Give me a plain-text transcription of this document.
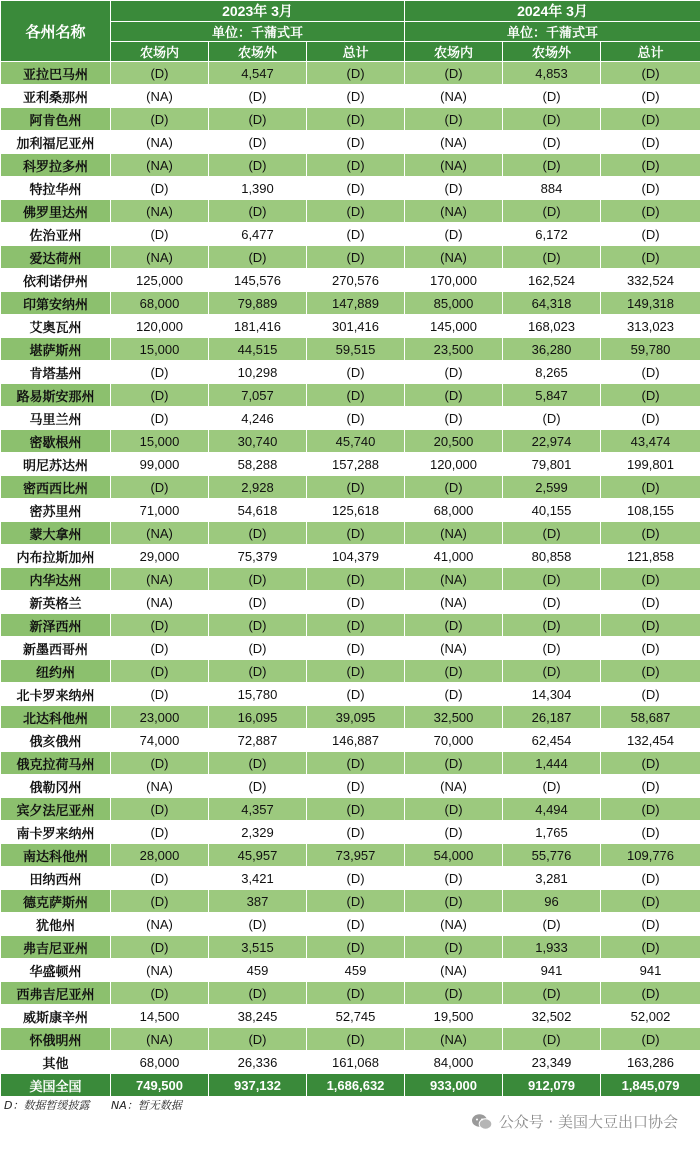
各州名称	2023年 3月			2024年 3月		
	单位：千蒲式耳			单位：千蒲式耳		
	农场内	农场外	总计	农场内	农场外	总计
亚拉巴马州	(D)	4,547	(D)	(D)	4,853	(D)
亚利桑那州	(NA)	(D)	(D)	(NA)	(D)	(D)
阿肯色州	(D)	(D)	(D)	(D)	(D)	(D)
加利福尼亚州	(NA)	(D)	(D)	(NA)	(D)	(D)
科罗拉多州	(NA)	(D)	(D)	(NA)	(D)	(D)
特拉华州	(D)	1,390	(D)	(D)	884	(D)
佛罗里达州	(NA)	(D)	(D)	(NA)	(D)	(D)
佐治亚州	(D)	6,477	(D)	(D)	6,172	(D)
爱达荷州	(NA)	(D)	(D)	(NA)	(D)	(D)
依利诺伊州	125,000	145,576	270,576	170,000	162,524	332,524
印第安纳州	68,000	79,889	147,889	85,000	64,318	149,318
艾奥瓦州	120,000	181,416	301,416	145,000	168,023	313,023
堪萨斯州	15,000	44,515	59,515	23,500	36,280	59,780
肯塔基州	(D)	10,298	(D)	(D)	8,265	(D)
路易斯安那州	(D)	7,057	(D)	(D)	5,847	(D)
马里兰州	(D)	4,246	(D)	(D)	(D)	(D)
密歇根州	15,000	30,740	45,740	20,500	22,974	43,474
明尼苏达州	99,000	58,288	157,288	120,000	79,801	199,801
密西西比州	(D)	2,928	(D)	(D)	2,599	(D)
密苏里州	71,000	54,618	125,618	68,000	40,155	108,155
蒙大拿州	(NA)	(D)	(D)	(NA)	(D)	(D)
内布拉斯加州	29,000	75,379	104,379	41,000	80,858	121,858
内华达州	(NA)	(D)	(D)	(NA)	(D)	(D)
新英格兰	(NA)	(D)	(D)	(NA)	(D)	(D)
新泽西州	(D)	(D)	(D)	(D)	(D)	(D)
新墨西哥州	(D)	(D)	(D)	(NA)	(D)	(D)
纽约州	(D)	(D)	(D)	(D)	(D)	(D)
北卡罗来纳州	(D)	15,780	(D)	(D)	14,304	(D)
北达科他州	23,000	16,095	39,095	32,500	26,187	58,687
俄亥俄州	74,000	72,887	146,887	70,000	62,454	132,454
俄克拉荷马州	(D)	(D)	(D)	(D)	1,444	(D)
俄勒冈州	(NA)	(D)	(D)	(NA)	(D)	(D)
宾夕法尼亚州	(D)	4,357	(D)	(D)	4,494	(D)
南卡罗来纳州	(D)	2,329	(D)	(D)	1,765	(D)
南达科他州	28,000	45,957	73,957	54,000	55,776	109,776
田纳西州	(D)	3,421	(D)	(D)	3,281	(D)
德克萨斯州	(D)	387	(D)	(D)	96	(D)
犹他州	(NA)	(D)	(D)	(NA)	(D)	(D)
弗吉尼亚州	(D)	3,515	(D)	(D)	1,933	(D)
华盛顿州	(NA)	459	459	(NA)	941	941
西弗吉尼亚州	(D)	(D)	(D)	(D)	(D)	(D)
威斯康辛州	14,500	38,245	52,745	19,500	32,502	52,002
怀俄明州	(NA)	(D)	(D)	(NA)	(D)	(D)
其他	68,000	26,336	161,068	84,000	23,349	163,286
美国全国	749,500	937,132	1,686,632	933,000	912,079	1,845,079
D：数据暂缓披露 NA：暂无数据
公众号 · 美国大豆出口协会
